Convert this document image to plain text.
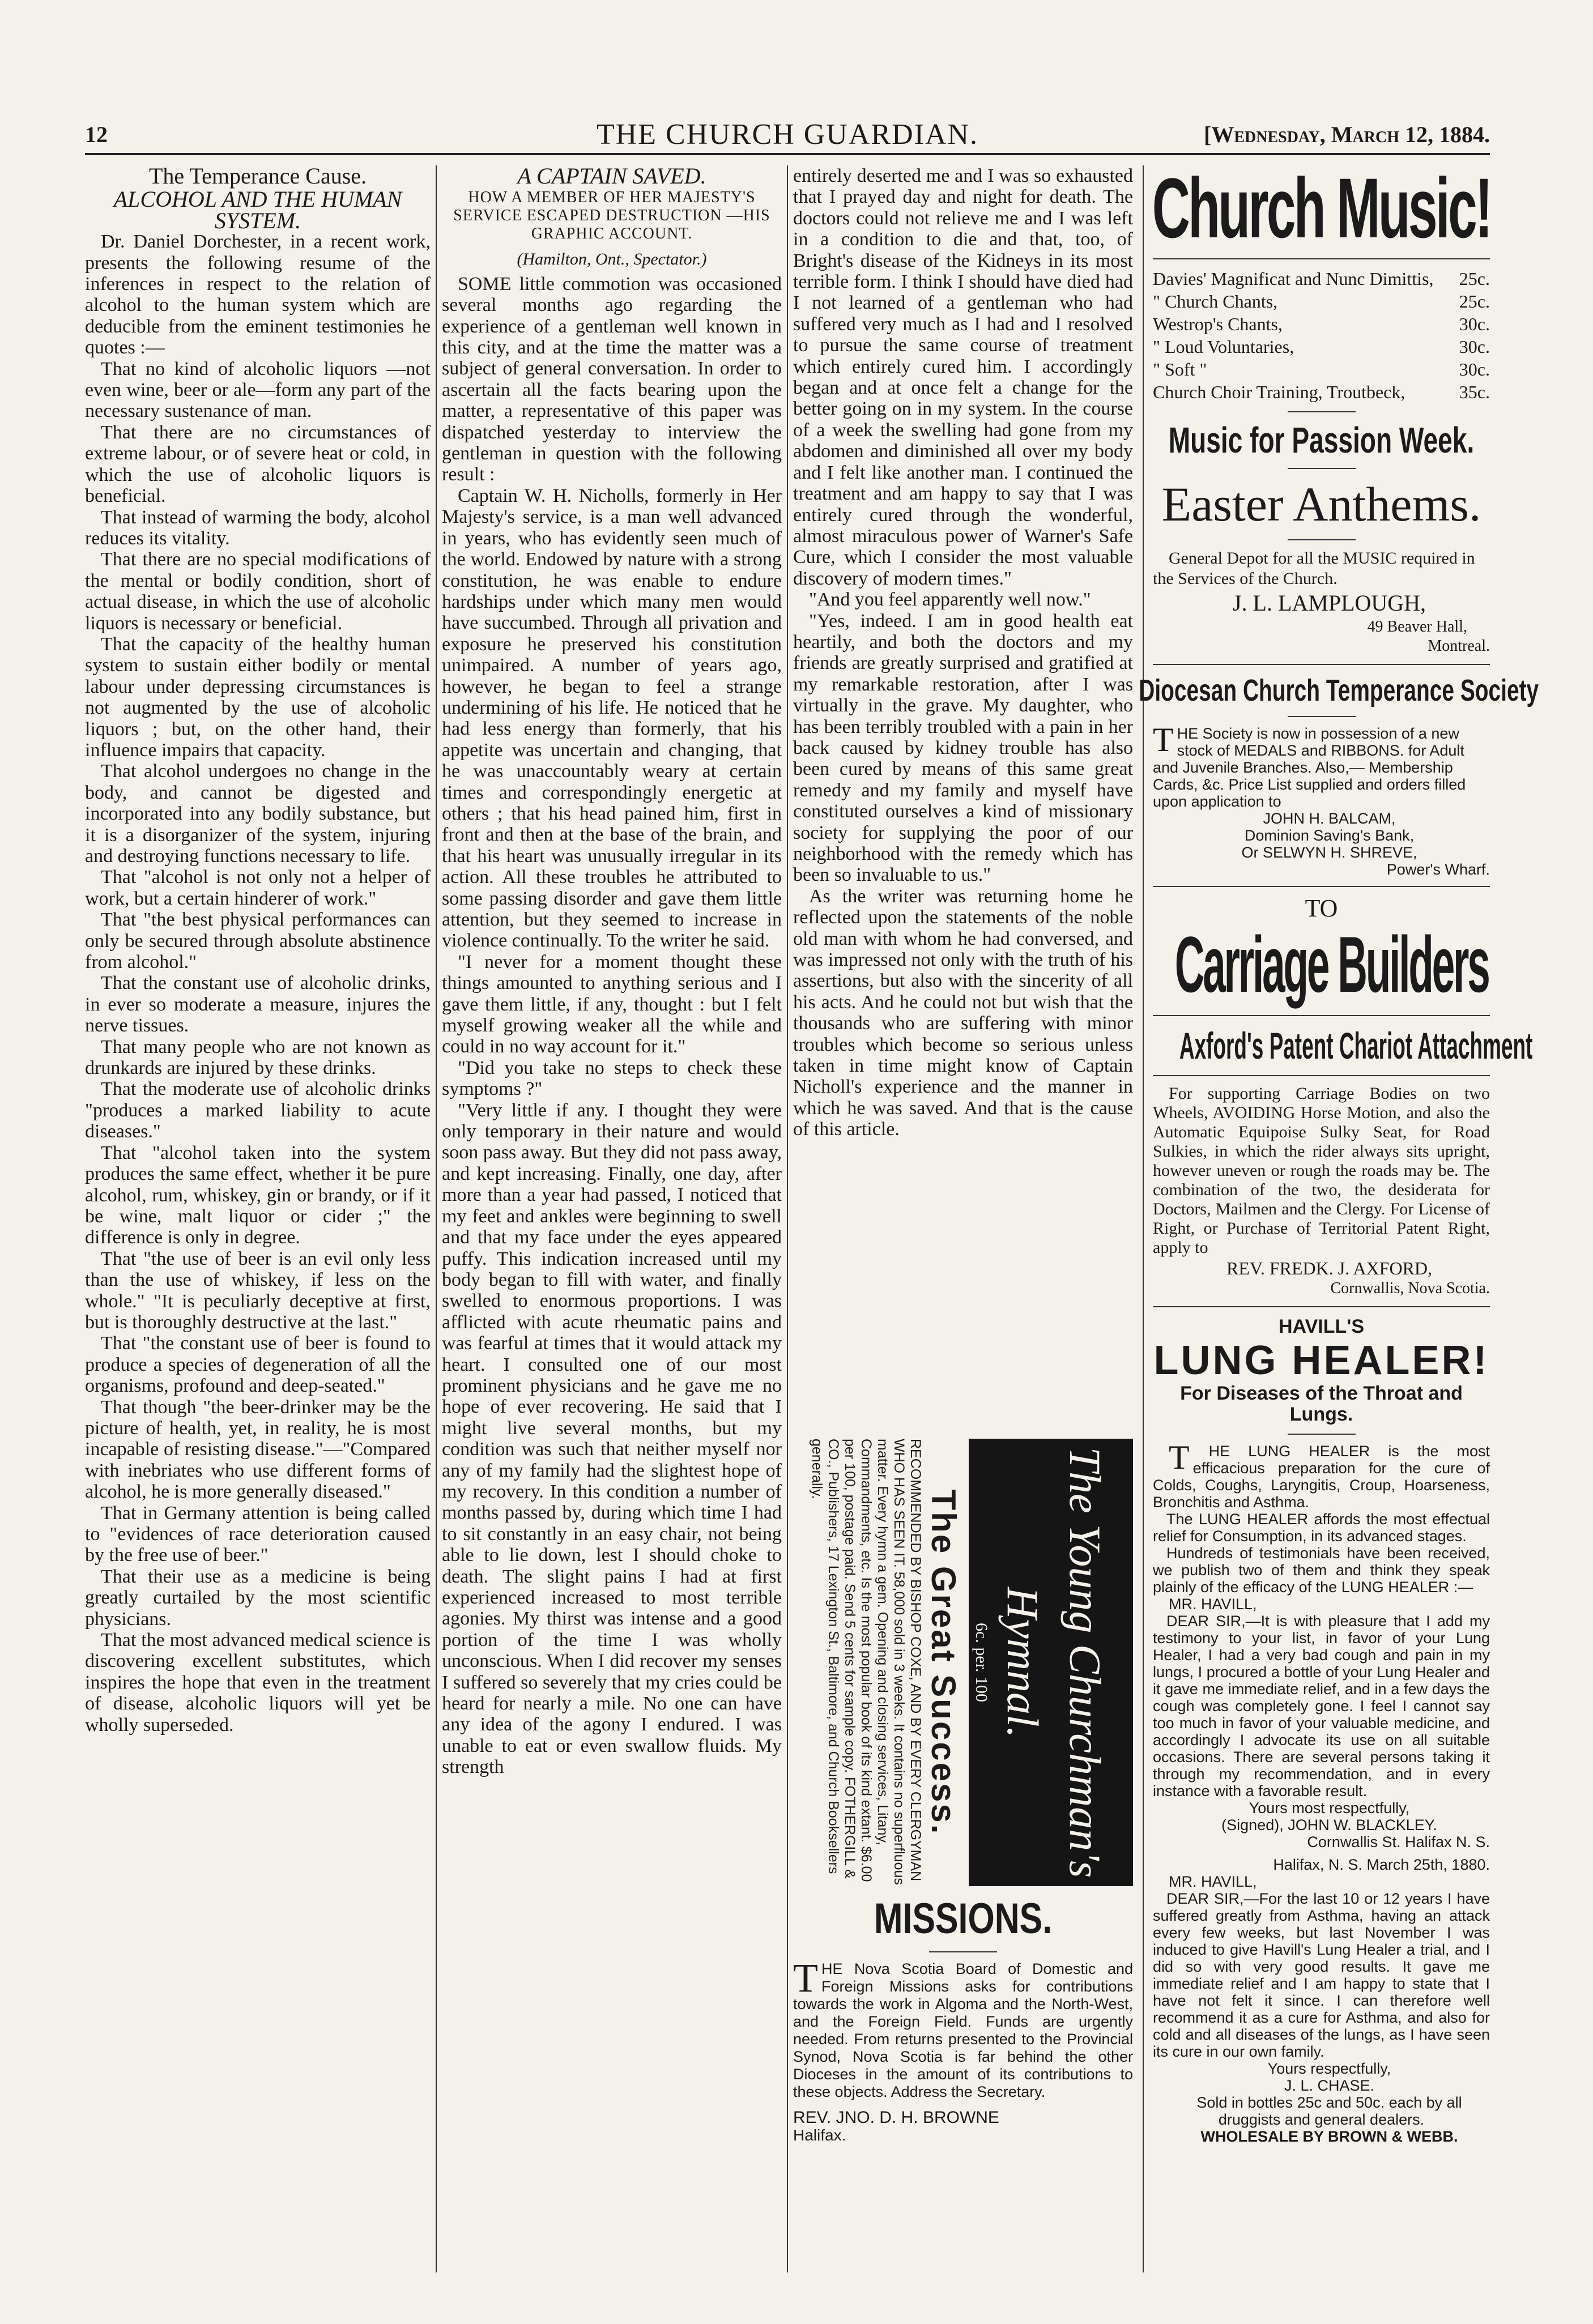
12	THE CHURCH GUARDIAN.	[Wednesday, March 12, 1884.
The Temperance Cause.
ALCOHOL AND THE HUMAN SYSTEM.

Dr. Daniel Dorchester, in a recent work, presents the following resume of the inferences in respect to the relation of alcohol to the human system which are deducible from the eminent testimonies he quotes :—

That no kind of alcoholic liquors —not even wine, beer or ale—form any part of the necessary sustenance of man.

That there are no circumstances of extreme labour, or of severe heat or cold, in which the use of alcoholic liquors is beneficial.

That instead of warming the body, alcohol reduces its vitality.

That there are no special modifications of the mental or bodily condition, short of actual disease, in which the use of alcoholic liquors is necessary or beneficial.

That the capacity of the healthy human system to sustain either bodily or mental labour under depressing circumstances is not augmented by the use of alcoholic liquors ; but, on the other hand, their influence impairs that capacity.

That alcohol undergoes no change in the body, and cannot be digested and incorporated into any bodily substance, but it is a disorganizer of the system, injuring and destroying functions necessary to life.

That "alcohol is not only not a helper of work, but a certain hinderer of work."

That "the best physical performances can only be secured through absolute abstinence from alcohol."

That the constant use of alcoholic drinks, in ever so moderate a measure, injures the nerve tissues.

That many people who are not known as drunkards are injured by these drinks.

That the moderate use of alcoholic drinks "produces a marked liability to acute diseases."

That "alcohol taken into the system produces the same effect, whether it be pure alcohol, rum, whiskey, gin or brandy, or if it be wine, malt liquor or cider ;" the difference is only in degree.

That "the use of beer is an evil only less than the use of whiskey, if less on the whole." "It is peculiarly deceptive at first, but is thoroughly destructive at the last."

That "the constant use of beer is found to produce a species of degeneration of all the organisms, profound and deep-seated."

That though "the beer-drinker may be the picture of health, yet, in reality, he is most incapable of resisting disease."—"Compared with inebriates who use different forms of alcohol, he is more generally diseased."

That in Germany attention is being called to "evidences of race deterioration caused by the free use of beer."

That their use as a medicine is being greatly curtailed by the most scientific physicians.

That the most advanced medical science is discovering excellent substitutes, which inspires the hope that even in the treatment of disease, alcoholic liquors will yet be wholly superseded.

A CAPTAIN SAVED.
HOW A MEMBER OF HER MAJESTY'S SERVICE ESCAPED DESTRUCTION —HIS GRAPHIC ACCOUNT.
(Hamilton, Ont., Spectator.)

SOME little commotion was occasioned several months ago regarding the experience of a gentleman well known in this city, and at the time the matter was a subject of general conversation. In order to ascertain all the facts bearing upon the matter, a representative of this paper was dispatched yesterday to interview the gentleman in question with the following result :

Captain W. H. Nicholls, formerly in Her Majesty's service, is a man well advanced in years, who has evidently seen much of the world. Endowed by nature with a strong constitution, he was enable to endure hardships under which many men would have succumbed. Through all privation and exposure he preserved his constitution unimpaired. A number of years ago, however, he began to feel a strange undermining of his life. He noticed that he had less energy than formerly, that his appetite was uncertain and changing, that he was unaccountably weary at certain times and correspondingly energetic at others ; that his head pained him, first in front and then at the base of the brain, and that his heart was unusually irregular in its action. All these troubles he attributed to some passing disorder and gave them little attention, but they seemed to increase in violence continually. To the writer he said.

"I never for a moment thought these things amounted to anything serious and I gave them little, if any, thought : but I felt myself growing weaker all the while and could in no way account for it."

"Did you take no steps to check these symptoms ?"

"Very little if any. I thought they were only temporary in their nature and would soon pass away. But they did not pass away, and kept increasing. Finally, one day, after more than a year had passed, I noticed that my feet and ankles were beginning to swell and that my face under the eyes appeared puffy. This indication increased until my body began to fill with water, and finally swelled to enormous proportions. I was afflicted with acute rheumatic pains and was fearful at times that it would attack my heart. I consulted one of our most prominent physicians and he gave me no hope of ever recovering. He said that I might live several months, but my condition was such that neither myself nor any of my family had the slightest hope of my recovery. In this condition a number of months passed by, during which time I had to sit constantly in an easy chair, not being able to lie down, lest I should choke to death. The slight pains I had at first experienced increased to most terrible agonies. My thirst was intense and a good portion of the time I was wholly unconscious. When I did recover my senses I suffered so severely that my cries could be heard for nearly a mile. No one can have any idea of the agony I endured. I was unable to eat or even swallow fluids. My strength

entirely deserted me and I was so exhausted that I prayed day and night for death. The doctors could not relieve me and I was left in a condition to die and that, too, of Bright's disease of the Kidneys in its most terrible form. I think I should have died had I not learned of a gentleman who had suffered very much as I had and I resolved to pursue the same course of treatment which entirely cured him. I accordingly began and at once felt a change for the better going on in my system. In the course of a week the swelling had gone from my abdomen and diminished all over my body and I felt like another man. I continued the treatment and am happy to say that I was entirely cured through the wonderful, almost miraculous power of Warner's Safe Cure, which I consider the most valuable discovery of modern times."

"And you feel apparently well now."

"Yes, indeed. I am in good health eat heartily, and both the doctors and my friends are greatly surprised and gratified at my remarkable restoration, after I was virtually in the grave. My daughter, who has been terribly troubled with a pain in her back caused by kidney trouble has also been cured by means of this same great remedy and my family and myself have constituted ourselves a kind of missionary society for supplying the poor of our neighborhood with the remedy which has been so invaluable to us."

As the writer was returning home he reflected upon the statements of the noble old man with whom he had conversed, and was impressed not only with the truth of his assertions, but also with the sincerity of all his acts. And he could not but wish that the thousands who are suffering with minor troubles which become so serious unless taken in time might know of Captain Nicholl's experience and the manner in which he was saved. And that is the cause of this article.

The Great Success.
RECOMMENDED BY BISHOP COXE, AND BY EVERY CLERGYMAN WHO HAS SEEN IT. 58,000 sold in 3 weeks. It contains no superfluous matter. Every hymn a gem. Opening and closing services, Litany, Commandments, etc. Is the most popular book of its kind extant. $6.00 per 100, postage paid. Send 5 cents for sample copy. FOTHERGILL & CO., Publishers, 17 Lexington St., Baltimore, and Church Booksellers generally.	The Young Churchman's Hymnal.
6c. per. 100
MISSIONS.

THE Nova Scotia Board of Domestic and Foreign Missions asks for contributions towards the work in Algoma and the North-West, and the Foreign Field. Funds are urgently needed. From returns presented to the Provincial Synod, Nova Scotia is far behind the other Dioceses in the amount of its contributions to these objects. Address the Secretary.

REV. JNO. D. H. BROWNE

Halifax.

Church Music!
Davies' Magnificat and Nunc Dimittis, 25c.
" Church Chants,	25c.
Westrop's Chants,	30c.
" Loud Voluntaries,	30c.
" Soft "	30c.
Church Choir Training, Troutbeck,	35c.
Music for Passion Week.
Easter Anthems.

General Depot for all the MUSIC required in the Services of the Church.

J. L. LAMPLOUGH,

49 Beaver Hall,

Montreal.

Diocesan Church Temperance Society

THE Society is now in possession of a new stock of MEDALS and RIBBONS. for Adult and Juvenile Branches. Also,— Membership Cards, &c. Price List supplied and orders filled upon application to

JOHN H. BALCAM,

Dominion Saving's Bank,

Or SELWYN H. SHREVE,

Power's Wharf.

TO
Carriage Builders
Axford's Patent Chariot Attachment

For supporting Carriage Bodies on two Wheels, AVOIDING Horse Motion, and also the Automatic Equipoise Sulky Seat, for Road Sulkies, in which the rider always sits upright, however uneven or rough the roads may be. The combination of the two, the desiderata for Doctors, Mailmen and the Clergy. For License of Right, or Purchase of Territorial Patent Right, apply to

REV. FREDK. J. AXFORD,

Cornwallis, Nova Scotia.

HAVILL'S
LUNG HEALER!
For Diseases of the Throat and Lungs.

T HE LUNG HEALER is the most efficacious preparation for the cure of Colds, Coughs, Laryngitis, Croup, Hoarseness, Bronchitis and Asthma.

The LUNG HEALER affords the most effectual relief for Consumption, in its advanced stages.

Hundreds of testimonials have been received, we publish two of them and think they speak plainly of the efficacy of the LUNG HEALER :—

MR. HAVILL,

DEAR SIR,—It is with pleasure that I add my testimony to your list, in favor of your Lung Healer, I had a very bad cough and pain in my lungs, I procured a bottle of your Lung Healer and it gave me immediate relief, and in a few days the cough was completely gone. I feel I cannot say too much in favor of your valuable medicine, and accordingly I advocate its use on all suitable occasions. There are several persons taking it through my recommendation, and in every instance with a favorable result.

Yours most respectfully,

(Signed), JOHN W. BLACKLEY.

Cornwallis St. Halifax N. S.

Halifax, N. S. March 25th, 1880.

MR. HAVILL,

DEAR SIR,—For the last 10 or 12 years I have suffered greatly from Asthma, having an attack every few weeks, but last November I was induced to give Havill's Lung Healer a trial, and I did so with very good results. It gave me immediate relief and I am happy to state that I have not felt it since. I can therefore well recommend it as a cure for Asthma, and also for cold and all diseases of the lungs, as I have seen its cure in our own family.

Yours respectfully,

J. L. CHASE.

Sold in bottles 25c and 50c. each by all druggists and general dealers.

WHOLESALE BY BROWN & WEBB.
